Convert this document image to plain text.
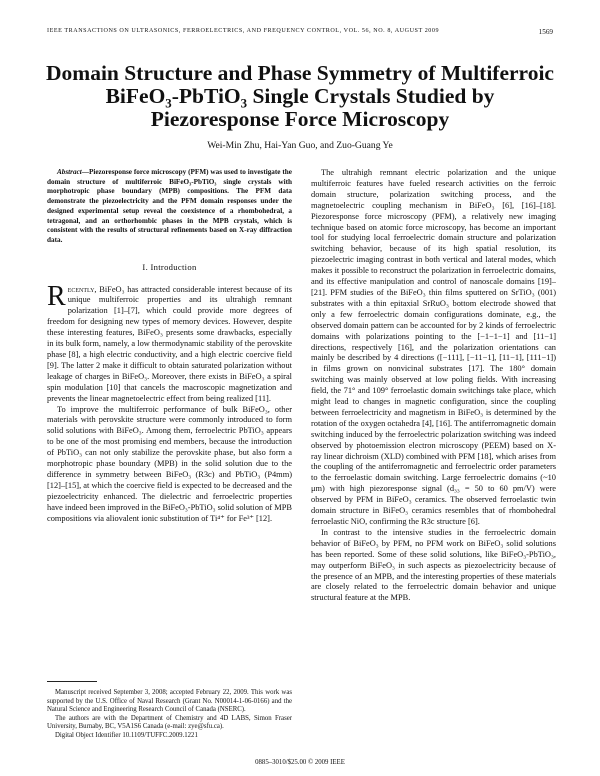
IEEE TRANSACTIONS ON ULTRASONICS, FERROELECTRICS, AND FREQUENCY CONTROL, VOL. 56, NO. 8, AUGUST 2009	1569
Domain Structure and Phase Symmetry of Multiferroic BiFeO₃-PbTiO₃ Single Crystals Studied by Piezoresponse Force Microscopy
Wei-Min Zhu, Hai-Yan Guo, and Zuo-Guang Ye

Abstract—Piezoresponse force microscopy (PFM) was used to investigate the domain structure of multiferroic BiFeO₃-PbTiO₃ single crystals with morphotropic phase boundary (MPB) compositions. The PFM data demonstrate the piezoelectricity and the PFM domain responses under the designed experimental setup reveal the coexistence of a rhombohedral, a tetragonal, and an orthorhombic phases in the MPB crystals, which is consistent with the results of structural refinements based on X-ray diffraction data.

I. Introduction

Recently, BiFeO₃ has attracted considerable interest because of its unique multiferroic properties and its ultrahigh remnant polarization [1]–[7], which could provide more degrees of freedom for designing new types of memory devices. However, despite these interesting features, BiFeO₃ presents some drawbacks, especially in its bulk form, namely, a low thermodynamic stability of the perovskite phase [8], a high electric conductivity, and a high electric coercive field [9]. The latter 2 make it difficult to obtain saturated polarization without leakage of charges in BiFeO₃. Moreover, there exists in BiFeO₃ a spiral spin modulation [10] that cancels the macroscopic magnetization and prevents the linear magnetoelectric effect from being realized [11].

To improve the multiferroic performance of bulk BiFeO₃, other materials with perovskite structure were commonly introduced to form solid solutions with BiFeO₃. Among them, ferroelectric PbTiO₃ appears to be one of the most promising end members, because the introduction of PbTiO₃ can not only stabilize the perovskite phase, but also form a morphotropic phase boundary (MPB) in the solid solution due to the difference in symmetry between BiFeO₃ (R3c) and PbTiO₃ (P4mm) [12]–[15], at which the coercive field is expected to be decreased and the piezoelectricity enhanced. The dielectric and ferroelectric properties have indeed been improved in the BiFeO₃-PbTiO₃ solid solution of MPB compositions via aliovalent ionic substitution of Ti⁴⁺ for Fe³⁺ [12].

The ultrahigh remnant electric polarization and the unique multiferroic features have fueled research activities on the ferroic domain structure, polarization switching process, and the magnetoelectric coupling mechanism in BiFeO₃ [6], [16]–[18]. Piezoresponse force microscopy (PFM), a relatively new imaging technique based on atomic force microscopy, has become an important tool for studying local ferroelectric domain structure and polarization switching behavior, because of its high spatial resolution, its piezoelectric imaging contrast in both vertical and lateral modes, which makes it possible to reconstruct the polarization in ferroelectric domains, and its effective manipulation and control of nanoscale domains [19]–[21]. PFM studies of the BiFeO₃ thin films sputtered on SrTiO₃ (001) substrates with a thin epitaxial SrRuO₃ bottom electrode showed that only a few ferroelectric domain configurations dominate, e.g., the observed domain pattern can be accounted for by 2 kinds of ferroelectric domains with polarizations pointing to the [−1−1−1] and [11−1] directions, respectively [16], and the polarization orientations can mainly be described by 4 directions ([−111], [−11−1], [11−1], [111−1]) in films grown on nonvicinal substrates [17]. The 180° domain switching was mainly observed at low poling fields. With increasing field, the 71° and 109° ferroelastic domain switchings take place, which might lead to changes in magnetic configuration, since the coupling between ferroelectricity and magnetism in BiFeO₃ is determined by the rotation of the oxygen octahedra [4], [16]. The antiferromagnetic domain switching induced by the ferroelectric polarization switching was indeed observed by photoemission electron microscopy (PEEM) based on X-ray linear dichroism (XLD) combined with PFM [18], which arises from the coupling of the antiferromagnetic and ferroelectric order parameters to the ferroelastic domain switching. Large ferroelectric domains (~10 μm) with high piezoresponse signal (d₃₃ = 50 to 60 pm/V) were observed by PFM in BiFeO₃ ceramics. The observed ferroelastic twin domain structure in BiFeO₃ ceramics resembles that of rhombohedral ferroelastic NiO, confirming the R3c structure [6].

In contrast to the intensive studies in the ferroelectric domain behavior of BiFeO₃ by PFM, no PFM work on BiFeO₃ solid solutions has been reported. Some of these solid solutions, like BiFeO₃-PbTiO₃, may outperform BiFeO₃ in such aspects as piezoelectricity because of the presence of an MPB, and the interesting properties of these materials are closely related to the ferroelectric domain behavior and unique structural feature at the MPB.

Manuscript received September 3, 2008; accepted February 22, 2009. This work was supported by the U.S. Office of Naval Research (Grant No. N00014-1-06-0166) and the Natural Science and Engineering Research Council of Canada (NSERC).

The authors are with the Department of Chemistry and 4D LABS, Simon Fraser University, Burnaby, BC, V5A1S6 Canada (e-mail: zye@sfu.ca).

Digital Object Identifier 10.1109/TUFFC.2009.1221

0885–3010/$25.00 © 2009 IEEE
